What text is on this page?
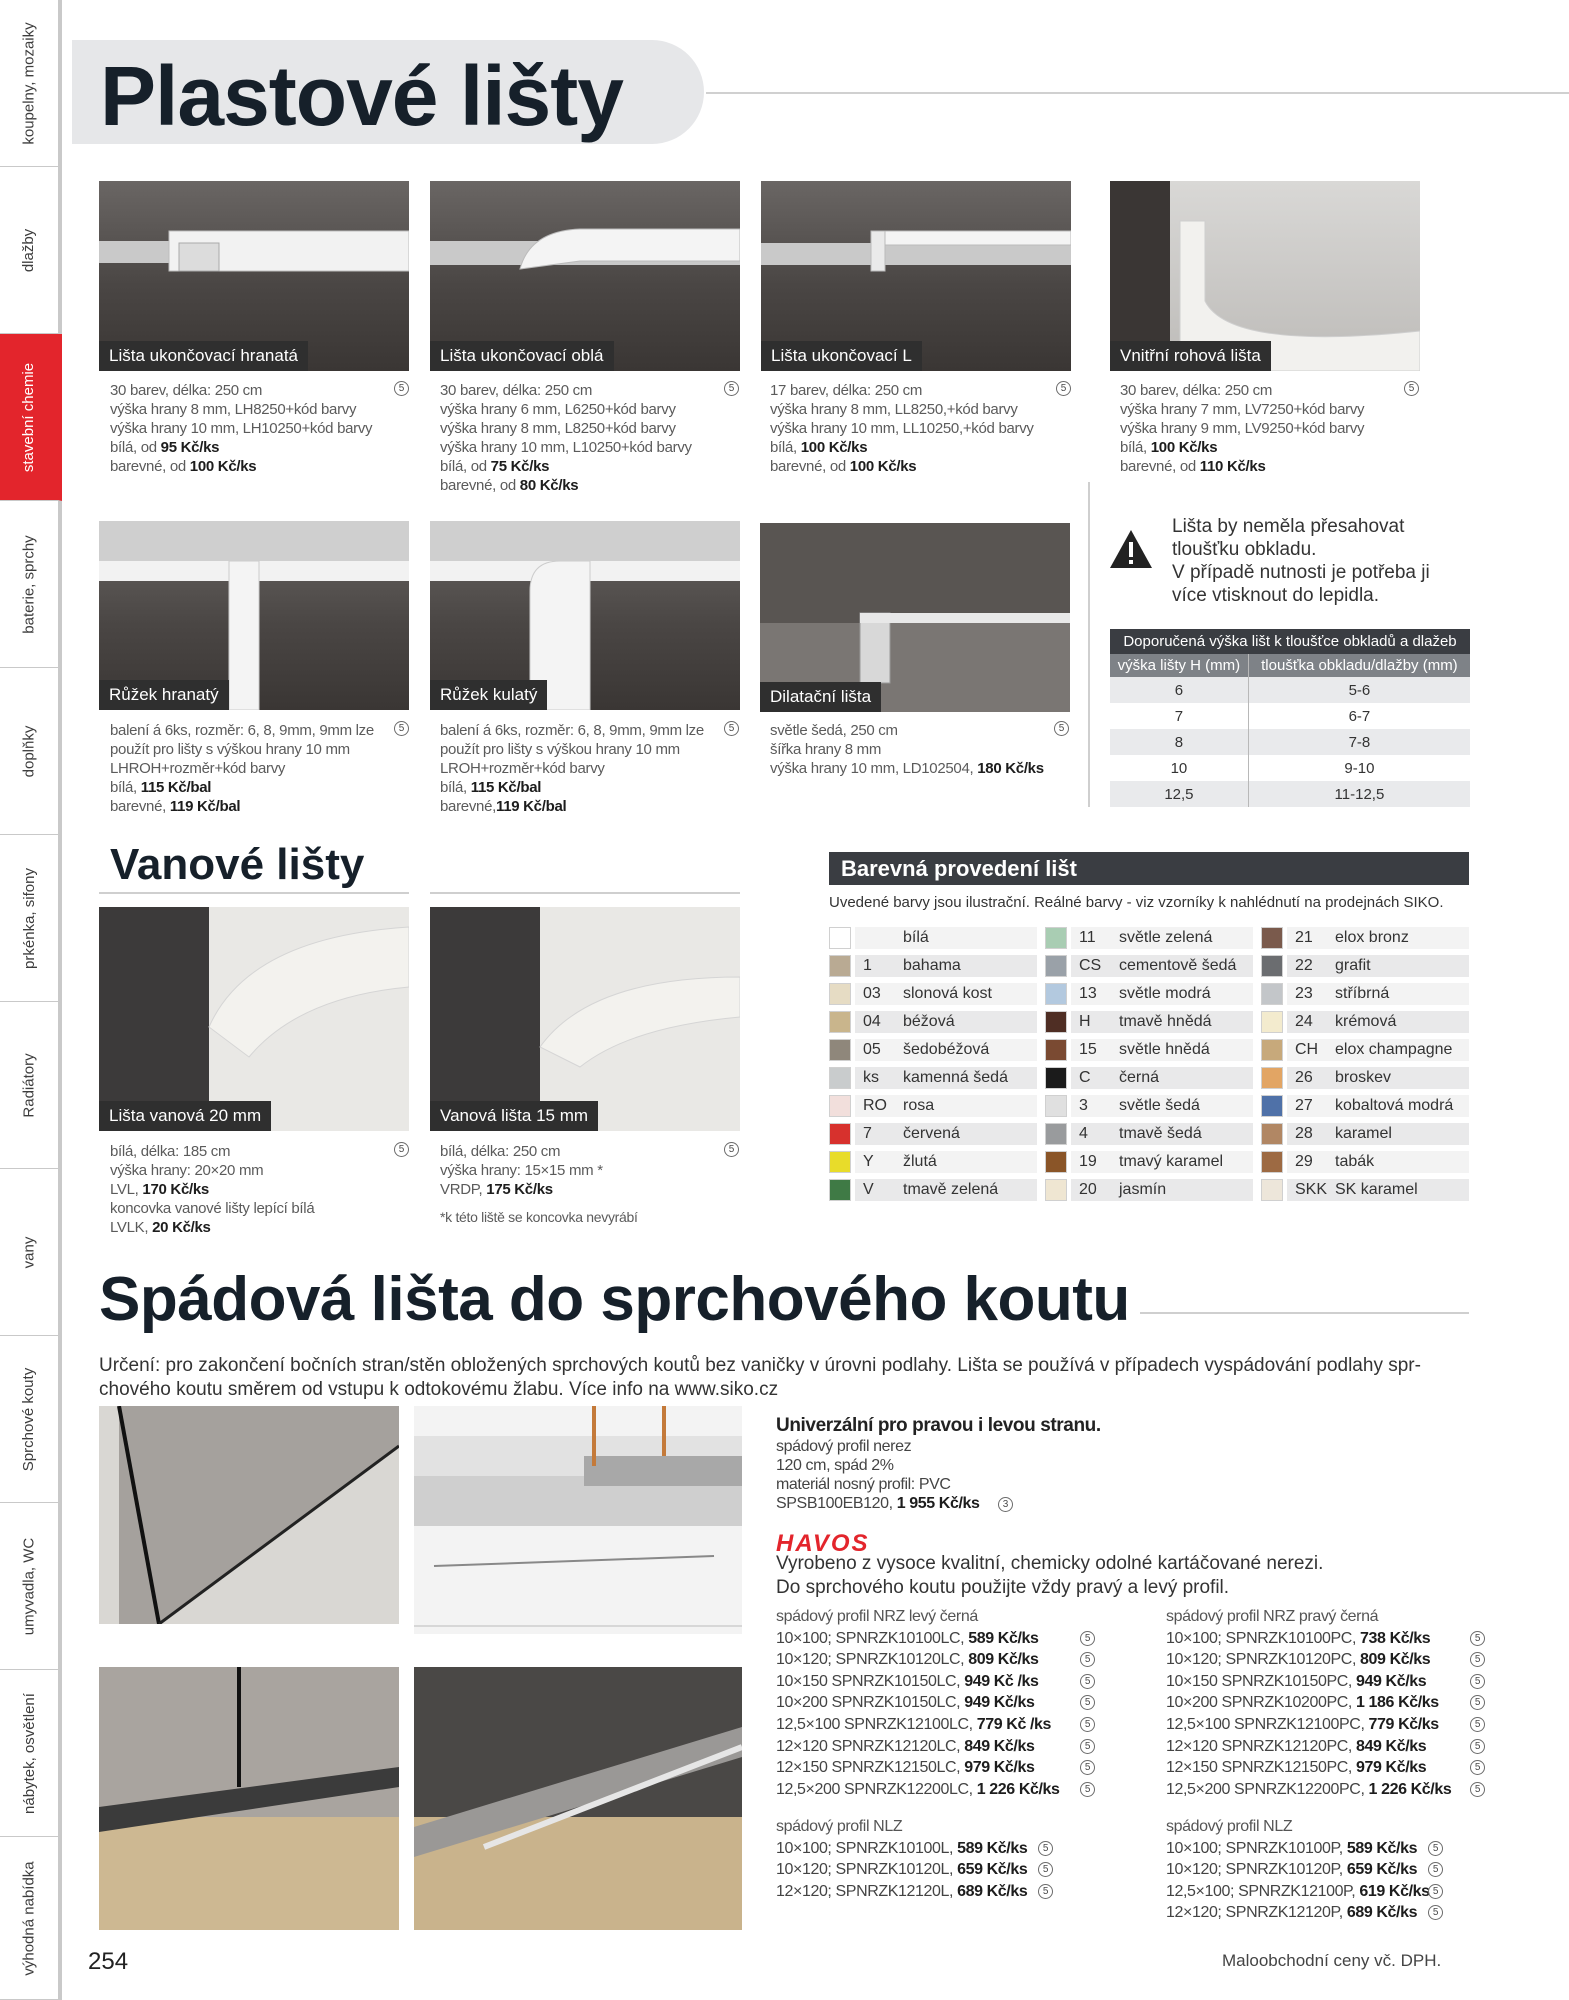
koupelny, mozaiky
dlažby
stavební chemie
baterie, sprchy
doplňky
prkénka, sifony
Radiátory
vany
Sprchové kouty
umyvadla, WC
nábytek, osvětlení
výhodná nabídka
Plastové lišty
Lišta ukončovací hranatá	Lišta ukončovací oblá	Lišta ukončovací L	Vnitřní rohová lišta
30 barev, délka: 250 cm
výška hrany 8 mm, LH8250+kód barvy
výška hrany 10 mm, LH10250+kód barvy
bílá, od 95 Kč/ks
barevné, od 100 Kč/ks
5	30 barev, délka: 250 cm
výška hrany 6 mm, L6250+kód barvy
výška hrany 8 mm, L8250+kód barvy
výška hrany 10 mm, L10250+kód barvy
bílá, od 75 Kč/ks
barevné, od 80 Kč/ks
5	17 barev, délka: 250 cm
výška hrany 8 mm, LL8250,+kód barvy
výška hrany 10 mm, LL10250,+kód barvy
bílá, 100 Kč/ks
barevné, od 100 Kč/ks
5	30 barev, délka: 250 cm
výška hrany 7 mm, LV7250+kód barvy
výška hrany 9 mm, LV9250+kód barvy
bílá, 100 Kč/ks
barevné, od 110 Kč/ks
5
Růžek hranatý	Růžek kulatý	Dilatační lišta
balení á 6ks, rozměr: 6, 8, 9mm, 9mm lze
použít pro lišty s výškou hrany 10 mm
LHROH+rozměr+kód barvy
bílá, 115 Kč/bal
barevné, 119 Kč/bal
5	balení á 6ks, rozměr: 6, 8, 9mm, 9mm lze
použít pro lišty s výškou hrany 10 mm
LROH+rozměr+kód barvy
bílá, 115 Kč/bal
barevné,119 Kč/bal
5	světle šedá, 250 cm
šířka hrany 8 mm
výška hrany 10 mm, LD102504, 180 Kč/ks
5
Lišta by neměla přesahovat
tloušťku obkladu.
V případě nutnosti je potřeba ji
více vtisknout do lepidla.
Doporučená výška lišt k tloušťce obkladů a dlažeb	
výška lišty H (mm)	tloušťka obkladu/dlažby (mm)
6	5-6
7	6-7
8	7-8
10	9-10
12,5	11-12,5
Vanové lišty
Lišta vanová 20 mm	Vanová lišta 15 mm
bílá, délka: 185 cm
výška hrany: 20×20 mm
LVL, 170 Kč/ks
koncovka vanové lišty lepící bílá
LVLK, 20 Kč/ks
5	bílá, délka: 250 cm
výška hrany: 15×15 mm *
VRDP, 175 Kč/ks
*k této liště se koncovka nevyrábí
5
Barevná provedení lišt
Uvedené barvy jsou ilustrační. Reálné barvy - viz vzorníky k nahlédnutí na prodejnách SIKO.
bílá
1 bahama
03 slonová kost
04 béžová
05 šedobéžová
ks kamenná šedá
RO rosa
7 červená
Y žlutá
V tmavě zelená
11 světle zelená
CS cementově šedá
13 světle modrá
H tmavě hnědá
15 světle hnědá
C černá
3 světle šedá
4 tmavě šedá
19 tmavý karamel
20 jasmín
21 elox bronz
22 grafit
23 stříbrná
24 krémová
CH elox champagne
26 broskev
27 kobaltová modrá
28 karamel
29 tabák
SKK SK karamel
Spádová lišta do sprchového koutu
Určení: pro zakončení bočních stran/stěn obložených sprchových koutů bez vaničky v úrovni podlahy. Lišta se používá v případech vyspádování podlahy spr-
chového koutu směrem od vstupu k odtokovému žlabu. Více info na www.siko.cz
Univerzální pro pravou i levou stranu.
spádový profil nerez
120 cm, spád 2%
materiál nosný profil: PVC
SPSB100EB120, 1 955 Kč/ks	3
HAVOS
Vyrobeno z vysoce kvalitní, chemicky odolné kartáčované nerezi.
Do sprchového koutu použijte vždy pravý a levý profil.
spádový profil NRZ levý černá
10×100; SPNRZK10100LC, 589 Kč/ks	5
10×120; SPNRZK10120LC, 809 Kč/ks	5
10×150 SPNRZK10150LC, 949 Kč /ks	5
10×200 SPNRZK10150LC, 949 Kč/ks	5
12,5×100 SPNRZK12100LC, 779 Kč /ks	5
12×120 SPNRZK12120LC, 849 Kč/ks	5
12×150 SPNRZK12150LC, 979 Kč/ks	5
12,5×200 SPNRZK12200LC, 1 226 Kč/ks	5
spádový profil NRZ pravý černá
10×100; SPNRZK10100PC, 738 Kč/ks	5
10×120; SPNRZK10120PC, 809 Kč/ks	5
10×150 SPNRZK10150PC, 949 Kč/ks	5
10×200 SPNRZK10200PC, 1 186 Kč/ks	5
12,5×100 SPNRZK12100PC, 779 Kč/ks	5
12×120 SPNRZK12120PC, 849 Kč/ks	5
12×150 SPNRZK12150PC, 979 Kč/ks	5
12,5×200 SPNRZK12200PC, 1 226 Kč/ks	5
spádový profil NLZ
10×100; SPNRZK10100L, 589 Kč/ks	5
10×120; SPNRZK10120L, 659 Kč/ks	5
12×120; SPNRZK12120L, 689 Kč/ks	5
spádový profil NLZ
10×100; SPNRZK10100P, 589 Kč/ks	5
10×120; SPNRZK10120P, 659 Kč/ks	5
12,5×100; SPNRZK12100P, 619 Kč/ks 5
12×120; SPNRZK12120P, 689 Kč/ks	5
254	Maloobchodní ceny vč. DPH.
